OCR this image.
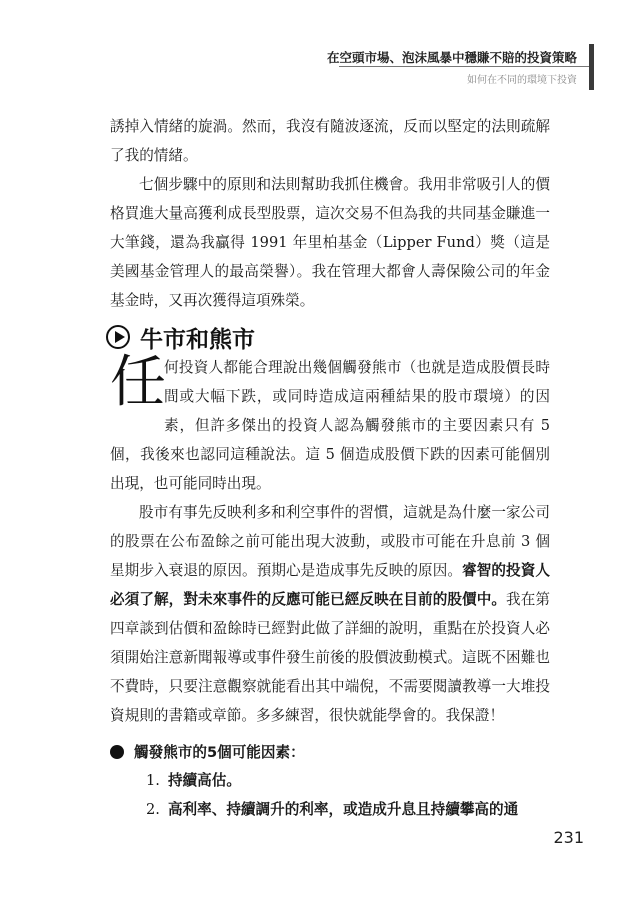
在空頭市場、泡沫風暴中穩賺不賠的投資策略
如何在不同的環境下投資

誘掉入情緒的旋渦。然而，我沒有隨波逐流，反而以堅定的法則疏解了我的情緒。

七個步驟中的原則和法則幫助我抓住機會。我用非常吸引人的價格買進大量高獲利成長型股票，這次交易不但為我的共同基金賺進一大筆錢，還為我贏得 1991 年里柏基金（Lipper Fund）獎（這是美國基金管理人的最高榮譽）。我在管理大都會人壽保險公司的年金基金時，又再次獲得這項殊榮。

牛市和熊市

任
何投資人都能合理說出幾個觸發熊市（也就是造成股價長時間或大幅下跌，或同時造成這兩種結果的股市環境）的因素，但許多傑出的投資人認為觸發熊市的主要因素只有 5 個，我後來也認同這種說法。這 5 個造成股價下跌的因素可能個別出現，也可能同時出現。

股市有事先反映利多和利空事件的習慣，這就是為什麼一家公司的股票在公布盈餘之前可能出現大波動，或股市可能在升息前 3 個星期步入衰退的原因。預期心是造成事先反映的原因。睿智的投資人必須了解，對未來事件的反應可能已經反映在目前的股價中。我在第四章談到估價和盈餘時已經對此做了詳細的說明，重點在於投資人必須開始注意新聞報導或事件發生前後的股價波動模式。這既不困難也不費時，只要注意觀察就能看出其中端倪，不需要閱讀教導一大堆投資規則的書籍或章節。多多練習，很快就能學會的。我保證！

觸發熊市的5個可能因素：
1. 持續高估。
2. 高利率、持續調升的利率，或造成升息且持續攀高的通
231
